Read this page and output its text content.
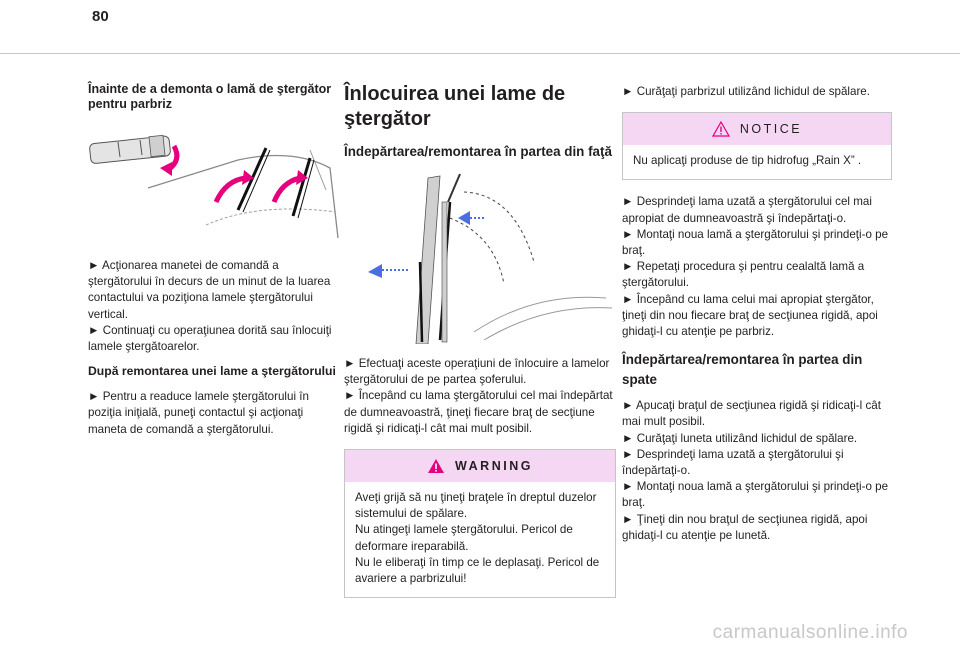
80

Înainte de a demonta o lamă de ştergător pentru parbriz

► Acţionarea manetei de comandă a ştergătorului în decurs de un minut de la luarea contactului va poziţiona lamele ştergătorului vertical.

► Continuaţi cu operaţiunea dorită sau înlocuiţi lamele ştergătoarelor.

După remontarea unei lame a ştergătorului

► Pentru a readuce lamele ştergătorului în poziţia iniţială, puneţi contactul şi acţionaţi maneta de comandă a ştergătorului.

Înlocuirea unei lame de ştergător

Îndepărtarea/remontarea în partea din faţă

► Efectuaţi aceste operaţiuni de înlocuire a lamelor ştergătorului de pe partea şoferului.

► Începând cu lama ştergătorului cel mai îndepărtat de dumneavoastră, ţineţi fiecare braţ de secţiune rigidă şi ridicaţi-l cât mai mult posibil.

WARNING

Aveţi grijă să nu ţineţi braţele în dreptul duzelor sistemului de spălare.

Nu atingeţi lamele ştergătorului. Pericol de deformare ireparabilă.

Nu le eliberaţi în timp ce le deplasaţi. Pericol de avariere a parbrizului!

► Curăţaţi parbrizul utilizând lichidul de spălare.

NOTICE

Nu aplicaţi produse de tip hidrofug „Rain X” .

► Desprindeţi lama uzată a ştergătorului cel mai apropiat de dumneavoastră şi îndepărtaţi-o.

► Montaţi noua lamă a ştergătorului şi prindeţi-o pe braţ.

► Repetaţi procedura şi pentru cealaltă lamă a ştergătorului.

► Începând cu lama celui mai apropiat ştergător, ţineţi din nou fiecare braţ de secţiunea rigidă, apoi ghidaţi-l cu atenţie pe parbriz.

Îndepărtarea/remontarea în partea din spate

► Apucaţi braţul de secţiunea rigidă şi ridicaţi-l cât mai mult posibil.

► Curăţaţi luneta utilizând lichidul de spălare.

► Desprindeţi lama uzată a ştergătorului şi îndepărtaţi-o.

► Montaţi noua lamă a ştergătorului şi prindeţi-o pe braţ.

► Ţineţi din nou braţul de secţiunea rigidă, apoi ghidaţi-l cu atenţie pe lunetă.

carmanualsonline.info
